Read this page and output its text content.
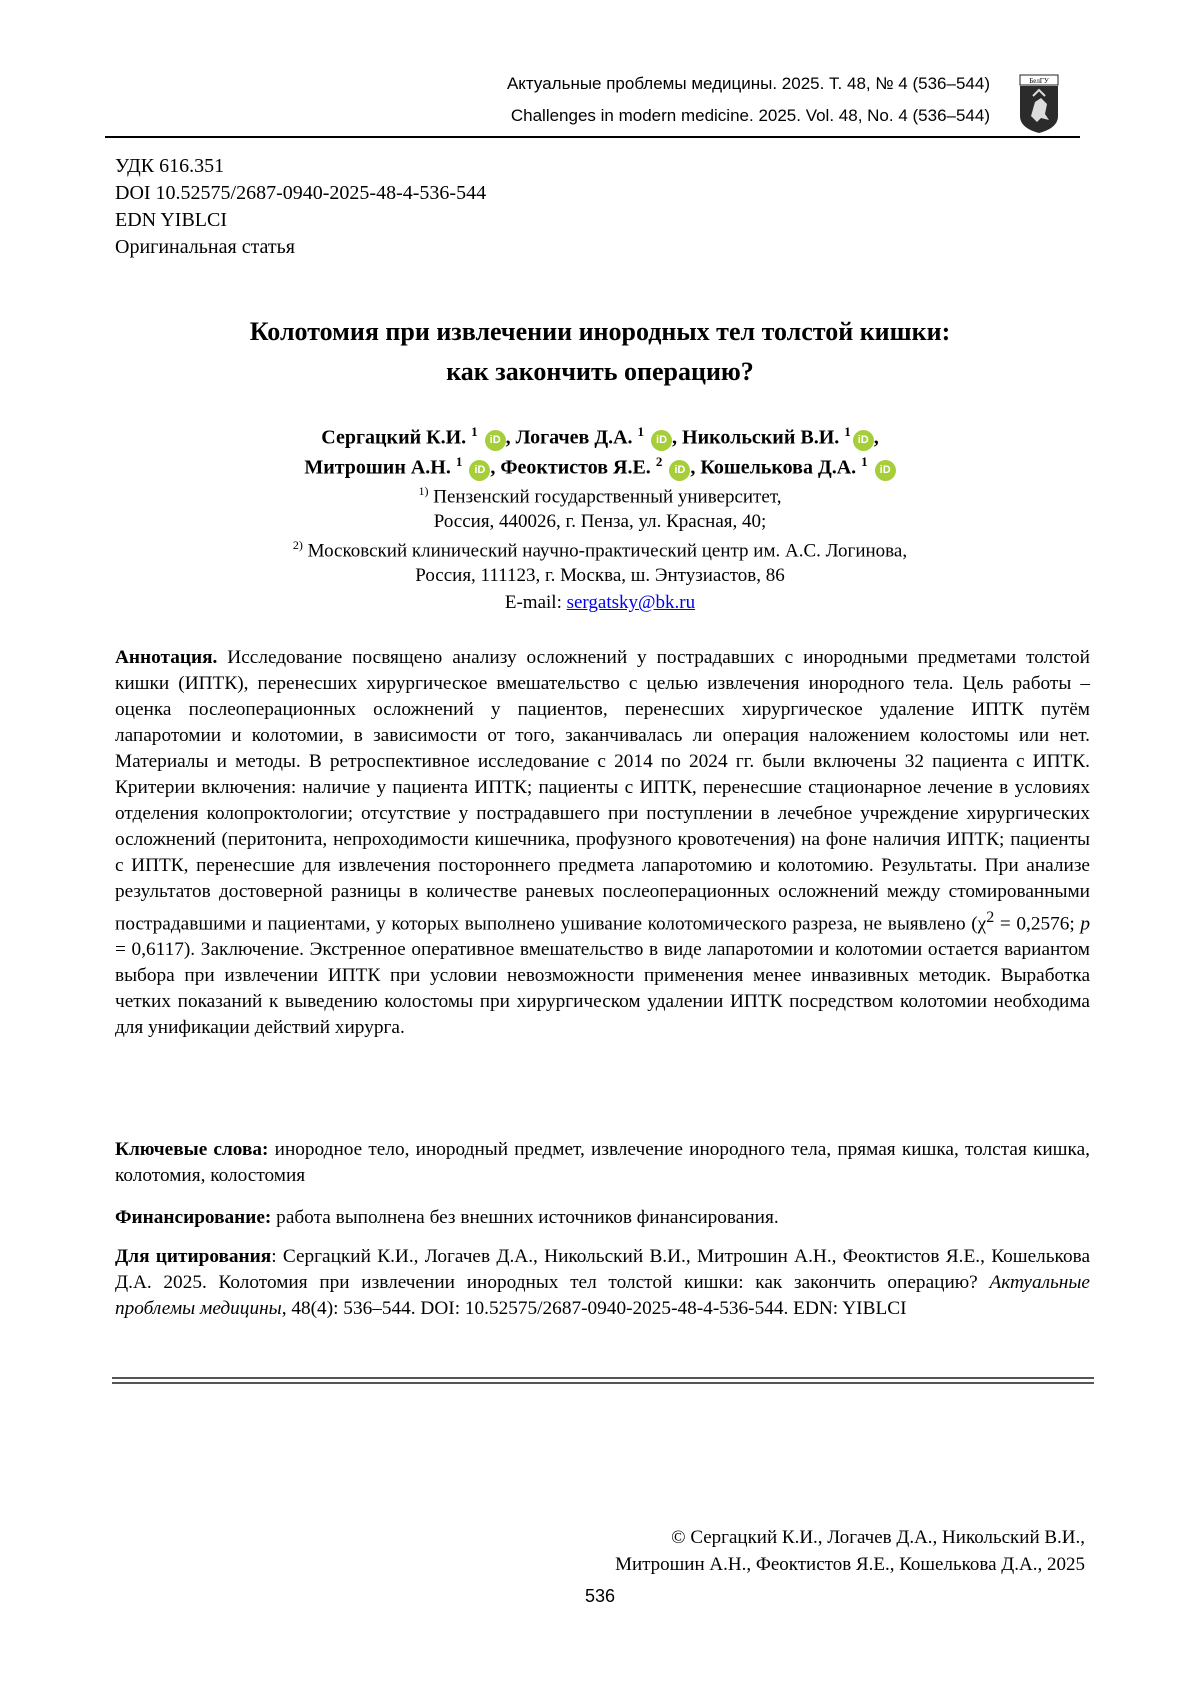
Актуальные проблемы медицины. 2025. Т. 48, № 4 (536–544)
Challenges in modern medicine. 2025. Vol. 48, No. 4 (536–544)
БелГУ
УДК 616.351
DOI 10.52575/2687-0940-2025-48-4-536-544
EDN YIBLCI
Оригинальная статья
Колотомия при извлечении инородных тел толстой кишки:
как закончить операцию?
Сергацкий К.И. $^1$ iD , Логачев Д.А. $^1$ iD , Никольский В.И. $^1$iD ,
Митрошин А.Н. $^1$ iD , Феоктистов Я.Е. $^2$ iD , Кошелькова Д.А. $^1$ iD
$^{1)}$ Пензенский государственный университет,
Россия, 440026, г. Пенза, ул. Красная, 40;
$^{2)}$ Московский клинический научно-практический центр им. А.С. Логинова,
Россия, 111123, г. Москва, ш. Энтузиастов, 86
E-mail: sergatsky@bk.ru
Аннотация. Исследование посвящено анализу осложнений у пострадавших с инородными предметами толстой кишки (ИПТК), перенесших хирургическое вмешательство с целью извлечения инородного тела. Цель работы – оценка послеоперационных осложнений у пациентов, перенесших хирургическое удаление ИПТК путём лапаротомии и колотомии, в зависимости от того, заканчивалась ли операция наложением колостомы или нет. Материалы и методы. В ретроспективное исследование с 2014 по 2024 гг. были включены 32 пациента с ИПТК. Критерии включения: наличие у пациента ИПТК; пациенты с ИПТК, перенесшие стационарное лечение в условиях отделения колопроктологии; отсутствие у пострадавшего при поступлении в лечебное учреждение хирургических осложнений (перитонита, непроходимости кишечника, профузного кровотечения) на фоне наличия ИПТК; пациенты с ИПТК, перенесшие для извлечения постороннего предмета лапаротомию и колотомию. Результаты. При анализе результатов достоверной разницы в количестве раневых послеоперационных осложнений между стомированными пострадавшими и пациентами, у которых выполнено ушивание колотомического разреза, не выявлено ($\chi^2 = 0,2576$; p = 0,6117). Заключение. Экстренное оперативное вмешательство в виде лапаротомии и колотомии остается вариантом выбора при извлечении ИПТК при условии невозможности применения менее инвазивных методик. Выработка четких показаний к выведению колостомы при хирургическом удалении ИПТК посредством колотомии необходима для унификации действий хирурга.
Ключевые слова: инородное тело, инородный предмет, извлечение инородного тела, прямая кишка, толстая кишка, колотомия, колостомия
Финансирование: работа выполнена без внешних источников финансирования.
Для цитирования: Сергацкий К.И., Логачев Д.А., Никольский В.И., Митрошин А.Н., Феоктистов Я.Е., Кошелькова Д.А. 2025. Колотомия при извлечении инородных тел толстой кишки: как закончить операцию? Актуальные проблемы медицины, 48(4): 536–544. DOI: 10.52575/2687-0940-2025-48-4-536-544. EDN: YIBLCI
© Сергацкий К.И., Логачев Д.А., Никольский В.И.,
Митрошин А.Н., Феоктистов Я.Е., Кошелькова Д.А., 2025
536
